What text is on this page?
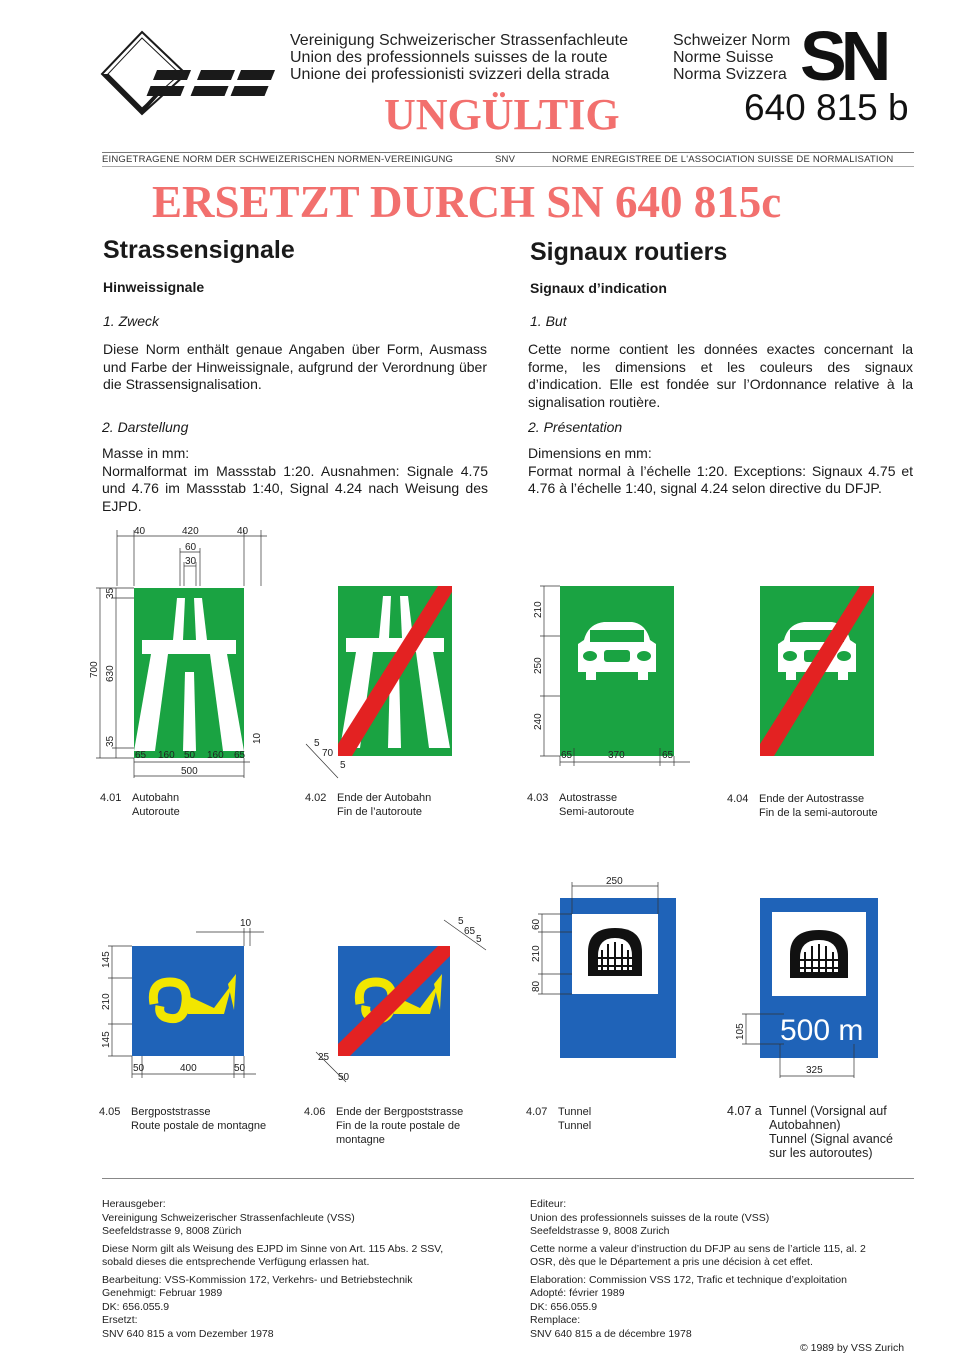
Vereinigung Schweizerischer Strassenfachleute
Union des professionnels suisses de la route
Unione dei professionisti svizzeri della strada
Schweizer Norm
Norme Suisse
Norma Svizzera SN
640 815 b
UNGÜLTIG
EINGETRAGENE NORM DER SCHWEIZERISCHEN NORMEN-VEREINIGUNG	SNV	NORME ENREGISTREE DE L'ASSOCIATION SUISSE DE NORMALISATION
ERSETZT DURCH SN 640 815c
Strassensignale	Signaux routiers
Hinweissignale	Signaux d’indication
1. Zweck	1. But

Diese Norm enthält genaue Angaben über Form, Ausmass und Farbe der Hinweissignale, aufgrund der Verordnung über die Strassensignalisation.

Cette norme contient les données exactes concernant la forme, les dimensions et les couleurs des signaux d’indication. Elle est fondée sur l’Ordonnance relative à la signalisation routière.

2. Darstellung	2. Présentation

Masse in mm:

Normalformat im Massstab 1:20. Ausnahmen: Signale 4.75 und 4.76 im Massstab 1:40, Signal 4.24 nach Weisung des EJPD.

Dimensions en mm:

Format normal à l’échelle 1:20. Exceptions: Signaux 4.75 et 4.76 à l’échelle 1:40, signal 4.24 selon directive du DFJP.

40	420	40
60
30
35
630
35
700
65 160 50 160 65
500
10	5
70
5
210
250
240
65	370	65
4.01 Autobahn
Autoroute
4.02 Ende der Autobahn
Fin de l’autoroute
4.03 Autostrasse
Semi-autoroute
4.04 Ende der Autostrasse
Fin de la semi-autoroute
145
210
145
50	400	50
10	5
65
5
25
50
250
60
210
80
500 m
105
325
4.05 Bergpoststrasse
Route postale de montagne
4.06 Ende der Bergpoststrasse
Fin de la route postale de
montagne
4.07 Tunnel
Tunnel
4.07 a Tunnel (Vorsignal auf
Autobahnen)
Tunnel (Signal avancé
sur les autoroutes)
Herausgeber:
Vereinigung Schweizerischer Strassenfachleute (VSS)
Seefeldstrasse 9, 8008 Zürich
Diese Norm gilt als Weisung des EJPD im Sinne von Art. 115 Abs. 2 SSV,
sobald dieses die entsprechende Verfügung erlassen hat.
Bearbeitung: VSS-Kommission 172, Verkehrs- und Betriebstechnik
Genehmigt: Februar 1989
DK: 656.055.9
Ersetzt:
SNV 640 815 a vom Dezember 1978
Editeur:
Union des professionnels suisses de la route (VSS)
Seefeldstrasse 9, 8008 Zurich
Cette norme a valeur d’instruction du DFJP au sens de l’article 115, al. 2
OSR, dès que le Département a pris une décision à cet effet.
Elaboration: Commission VSS 172, Trafic et technique d’exploitation
Adopté: février 1989
DK: 656.055.9
Remplace:
SNV 640 815 a de décembre 1978
© 1989 by VSS Zurich
